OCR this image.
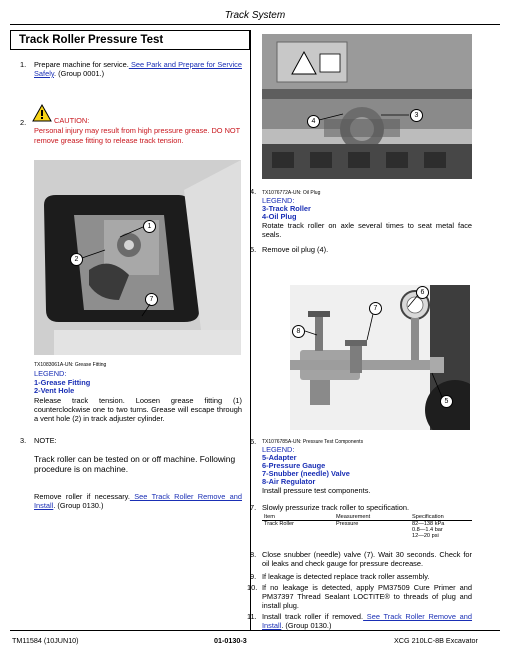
Track System
Track Roller Pressure Test
1. Prepare machine for service. See Park and Prepare for Service Safely. (Group 0001.)
2.	CAUTION:
Personal injury may result from high pressure grease. DO NOT remove grease fitting to release track tension.
1
2
7
TX1083061A-UN: Grease Fitting
LEGEND:
1-Grease Fitting
2-Vent Hole
Release track tension. Loosen grease fitting (1) counterclockwise one to two turns. Grease will escape through a vent hole (2) in track adjuster cylinder.
3. NOTE:
Track roller can be tested on or off machine. Following procedure is on machine.
Remove roller if necessary. See Track Roller Remove and Install. (Group 0130.)
4
3
4. TX1076772A-UN: Oil Plug
LEGEND:
3-Track Roller
4-Oil Plug
Rotate track roller on axle several times to seat metal face seals.
5. Remove oil plug (4).
6
7
8
5
6. TX1076785A-UN: Pressure Test Components
LEGEND:
5-Adapter
6-Pressure Gauge
7-Snubber (needle) Valve
8-Air Regulator
Install pressure test components.
7. Slowly pressurize track roller to specification.
Item	Measurement	Specification
Track Roller	Pressure	82—138 kPa
0.8—1.4 bar
12—20 psi
8. Close snubber (needle) valve (7). Wait 30 seconds. Check for oil leaks and check gauge for pressure decrease.
9. If leakage is detected replace track roller assembly.
10. If no leakage is detected, apply PM37509 Cure Primer and PM37397 Thread Sealant LOCTITE® to threads of plug and install plug.
11. Install track roller if removed. See Track Roller Remove and Install. (Group 0130.)
TM11584 (10JUN10)	01-0130-3	XCG 210LC-8B Excavator
